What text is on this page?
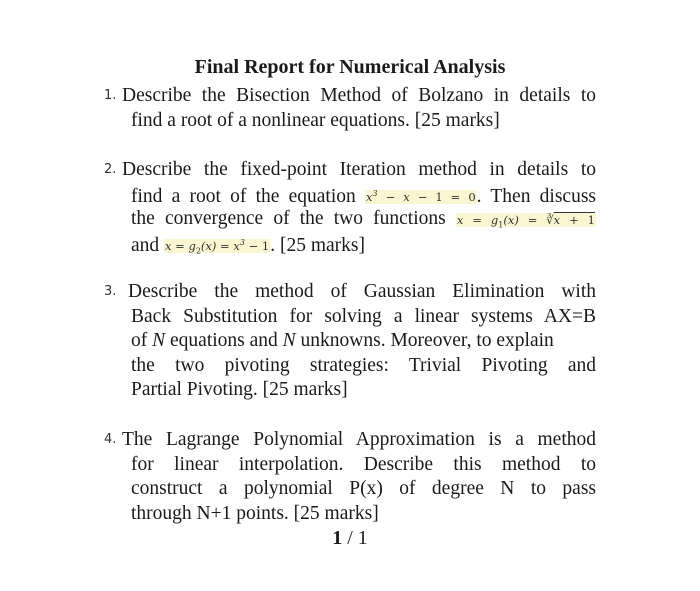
Final Report for Numerical Analysis
1. Describe the Bisection Method of Bolzano in details to
find a root of a nonlinear equations. [25 marks]
2. Describe the fixed-point Iteration method in details to
find a root of the equation $x^3 - x - 1 = 0$. Then discuss
the convergence of the two functions $x = g_1(x)$ = ∛x + 1
and $x = g_2(x) = x^3 - 1$. [25 marks]
3. Describe the method of Gaussian Elimination with
Back Substitution for solving a linear systems AX=B
of N equations and N unknowns. Moreover, to explain
the two pivoting strategies: Trivial Pivoting and
Partial Pivoting. [25 marks]
4. The Lagrange Polynomial Approximation is a method
for linear interpolation. Describe this method to
construct a polynomial P(x) of degree N to pass
through N+1 points. [25 marks]
1 / 1
